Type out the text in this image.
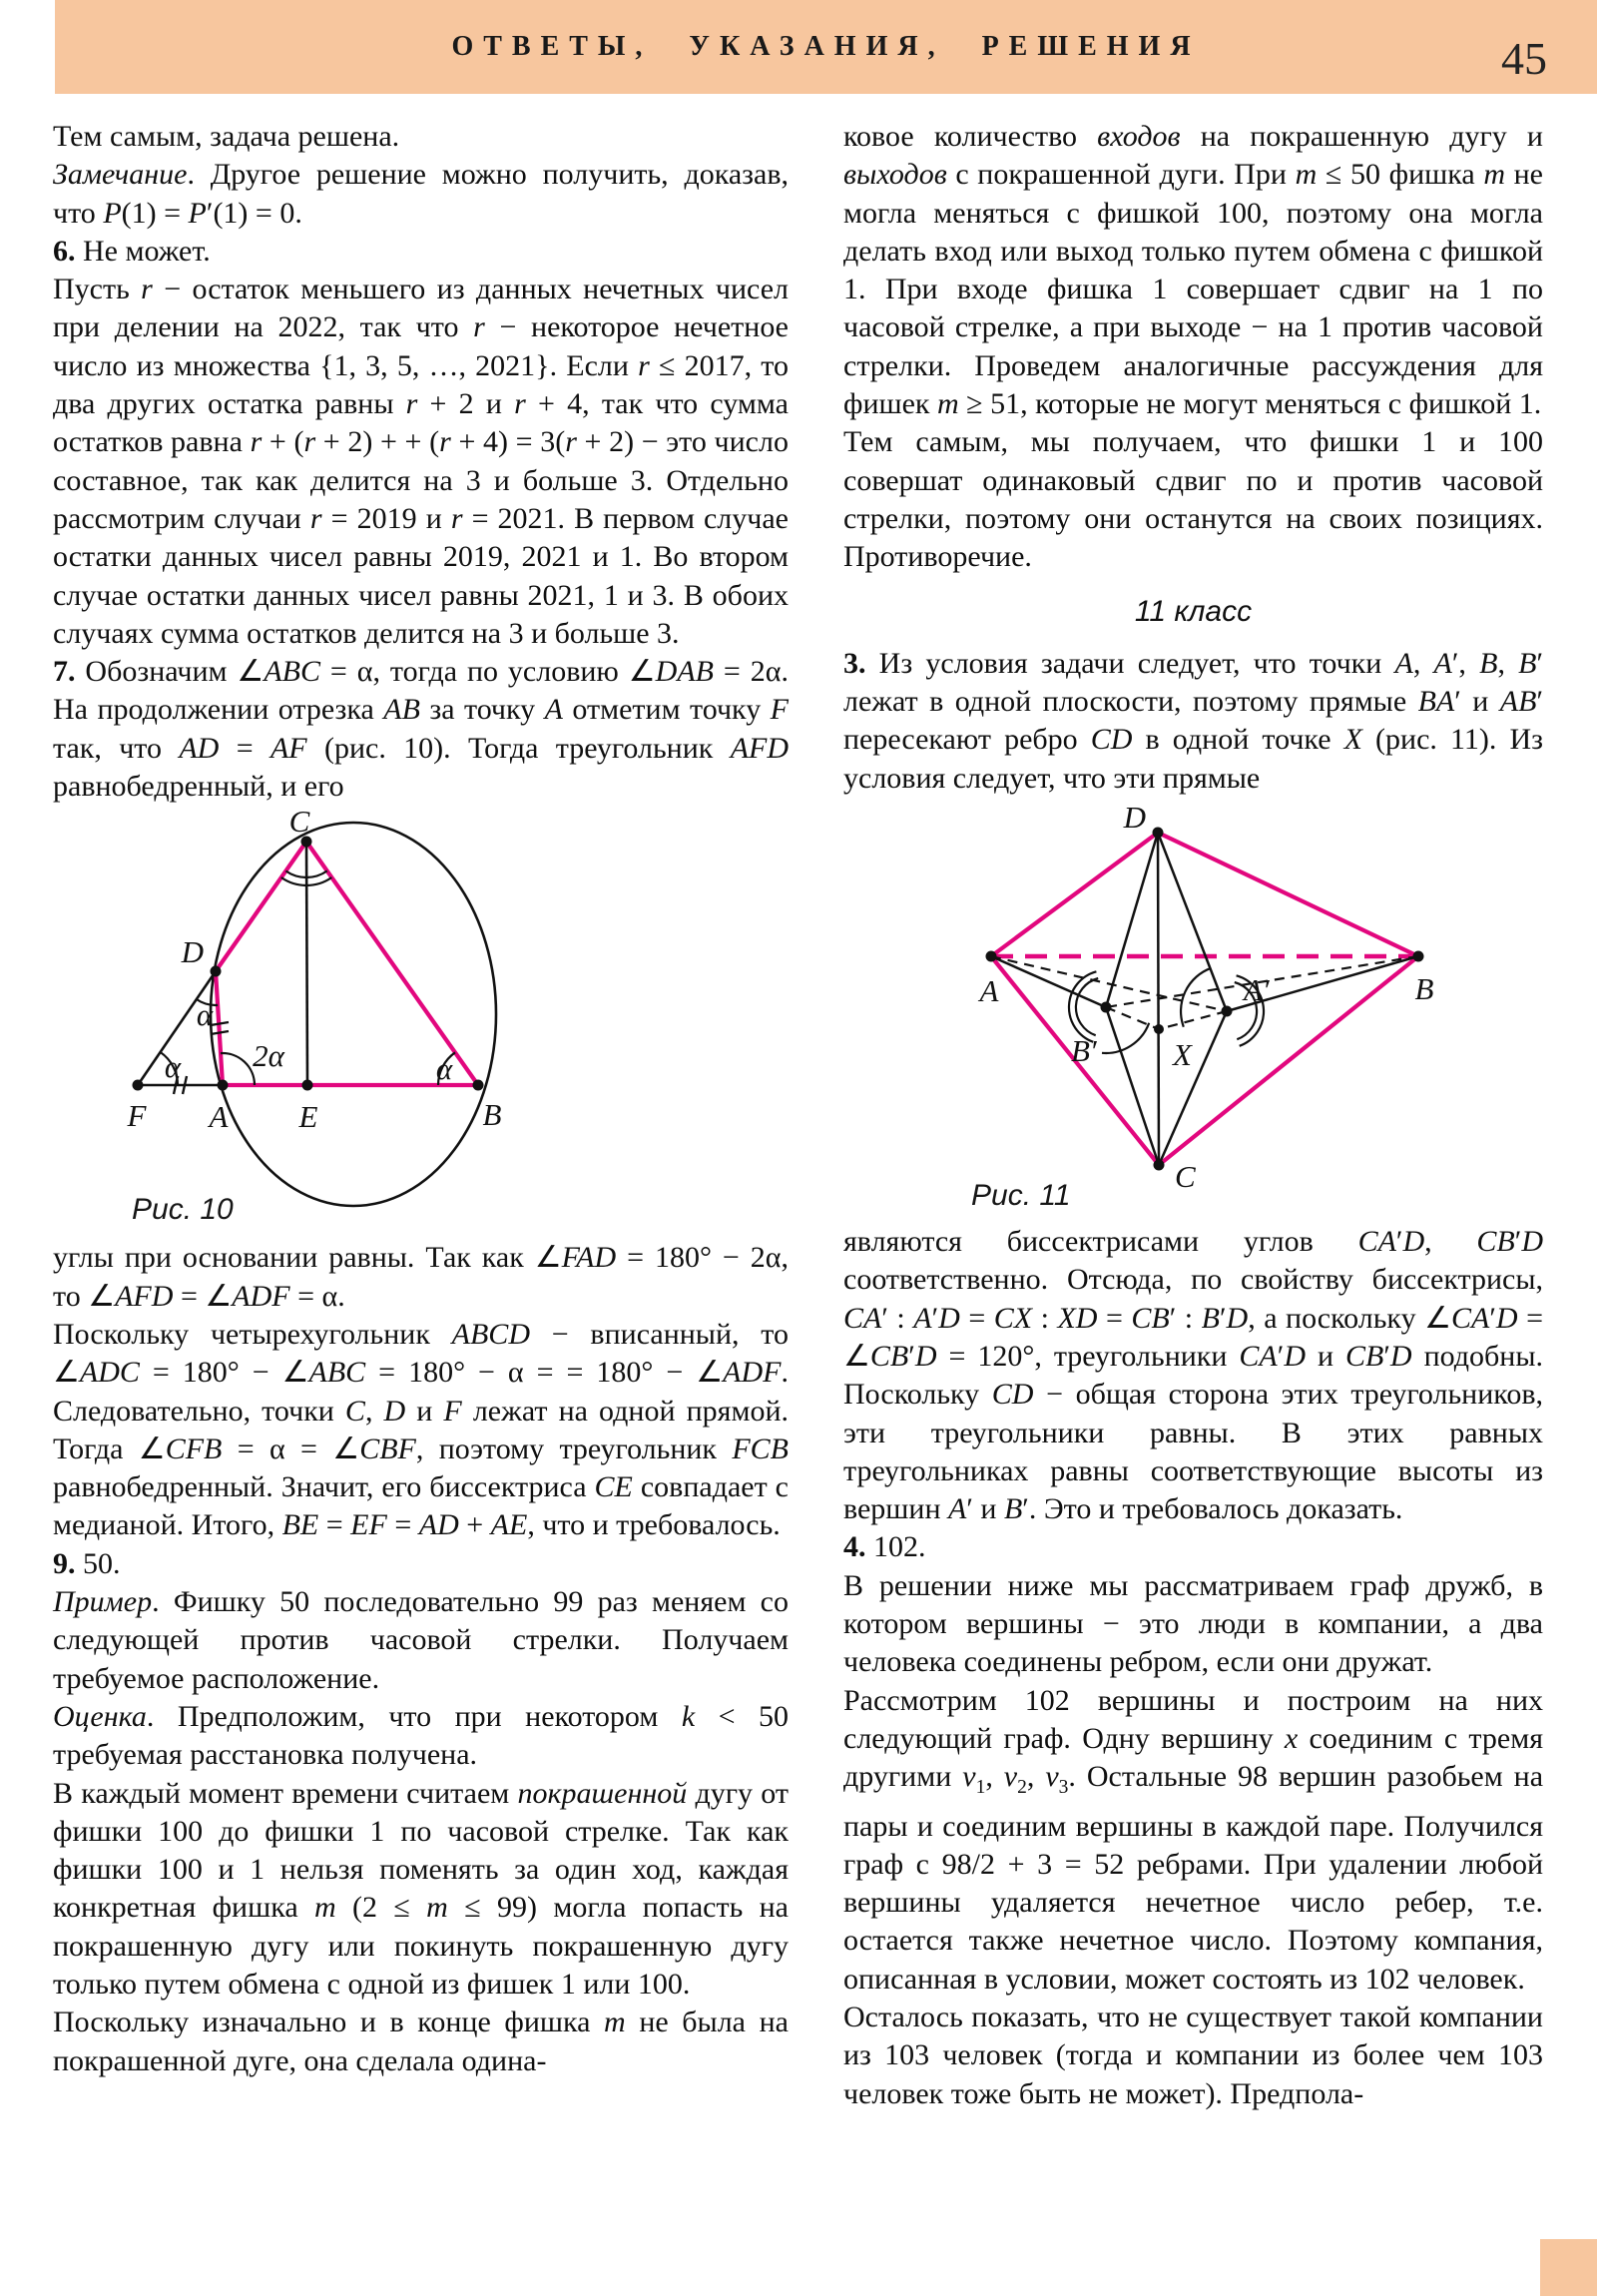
ОТВЕТЫ, УКАЗАНИЯ, РЕШЕНИЯ	45
Тем самым, задача решена.
Замечание. Другое решение можно получить, доказав, что P(1) = P′(1) = 0.
6. Не может.
Пусть r − остаток меньшего из данных нечетных чисел при делении на 2022, так что r − некоторое нечетное число из множества {1, 3, 5, …, 2021}. Если r ≤ 2017, то два других остатка равны r + 2 и r + 4, так что сумма остатков равна r + (r + 2) + + (r + 4) = 3(r + 2) − это число составное, так как делится на 3 и больше 3. Отдельно рассмотрим случаи r = 2019 и r = 2021. В первом случае остатки данных чисел равны 2019, 2021 и 1. Во втором случае остатки данных чисел равны 2021, 1 и 3. В обоих случаях сумма остатков делится на 3 и больше 3.
7. Обозначим ∠ABC = α, тогда по условию ∠DAB = 2α. На продолжении отрезка AB за точку A отметим точку F так, что AD = AF (рис. 10). Тогда треугольник AFD равнобедренный, и его
C
D
F A E	B
α
α
2α	α
Рис. 10
углы при основании равны. Так как ∠FAD = 180° − 2α, то ∠AFD = ∠ADF = α.
Поскольку четырехугольник ABCD − вписанный, то ∠ADC = 180° − ∠ABC = 180° − α = = 180° − ∠ADF. Следовательно, точки C, D и F лежат на одной прямой. Тогда ∠CFB = α = ∠CBF, поэтому треугольник FCB равнобедренный. Значит, его биссектриса CE совпадает с медианой. Итого, BE = EF = AD + AE, что и требовалось.
9. 50.
Пример. Фишку 50 последовательно 99 раз меняем со следующей против часовой стрелки. Получаем требуемое расположение.
Оценка. Предположим, что при некотором k < 50 требуемая расстановка получена.
В каждый момент времени считаем покрашенной дугу от фишки 100 до фишки 1 по часовой стрелке. Так как фишки 100 и 1 нельзя поменять за один ход, каждая конкретная фишка m (2 ≤ m ≤ 99) могла попасть на покрашенную дугу или покинуть покрашенную дугу только путем обмена с одной из фишек 1 или 100.
Поскольку изначально и в конце фишка m не была на покрашенной дуге, она сделала одина-
ковое количество входов на покрашенную дугу и выходов с покрашенной дуги. При m ≤ 50 фишка m не могла меняться с фишкой 100, поэтому она могла делать вход или выход только путем обмена с фишкой 1. При входе фишка 1 совершает сдвиг на 1 по часовой стрелке, а при выходе − на 1 против часовой стрелки. Проведем аналогичные рассуждения для фишек m ≥ 51, которые не могут меняться с фишкой 1.
Тем самым, мы получаем, что фишки 1 и 100 совершат одинаковый сдвиг по и против часовой стрелки, поэтому они останутся на своих позициях. Противоречие.
11 класс
3. Из условия задачи следует, что точки A, A′, B, B′ лежат в одной плоскости, поэтому прямые BA′ и AB′ пересекают ребро CD в одной точке X (рис. 11). Из условия следует, что эти прямые
D
A	B
C
B′
A′
X
Рис. 11
являются биссектрисами углов CA′D, CB′D соответственно. Отсюда, по свойству биссектрисы, CA′ : A′D = CX : XD = CB′ : B′D, а поскольку ∠CA′D = ∠CB′D = 120°, треугольники CA′D и CB′D подобны. Поскольку CD − общая сторона этих треугольников, эти треугольники равны. В этих равных треугольниках равны соответствующие высоты из вершин A′ и B′. Это и требовалось доказать.
4. 102.
В решении ниже мы рассматриваем граф дружб, в котором вершины − это люди в компании, а два человека соединены ребром, если они дружат.
Рассмотрим 102 вершины и построим на них следующий граф. Одну вершину x соединим с тремя другими $v_1$, $v_2$, $v_3$. Остальные 98 вершин разобьем на пары и соединим вершины в каждой паре. Получился граф с 98/2 + 3 = 52 ребрами. При удалении любой вершины удаляется нечетное число ребер, т.е. остается также нечетное число. Поэтому компания, описанная в условии, может состоять из 102 человек.
Осталось показать, что не существует такой компании из 103 человек (тогда и компании из более чем 103 человек тоже быть не может). Предпола-
